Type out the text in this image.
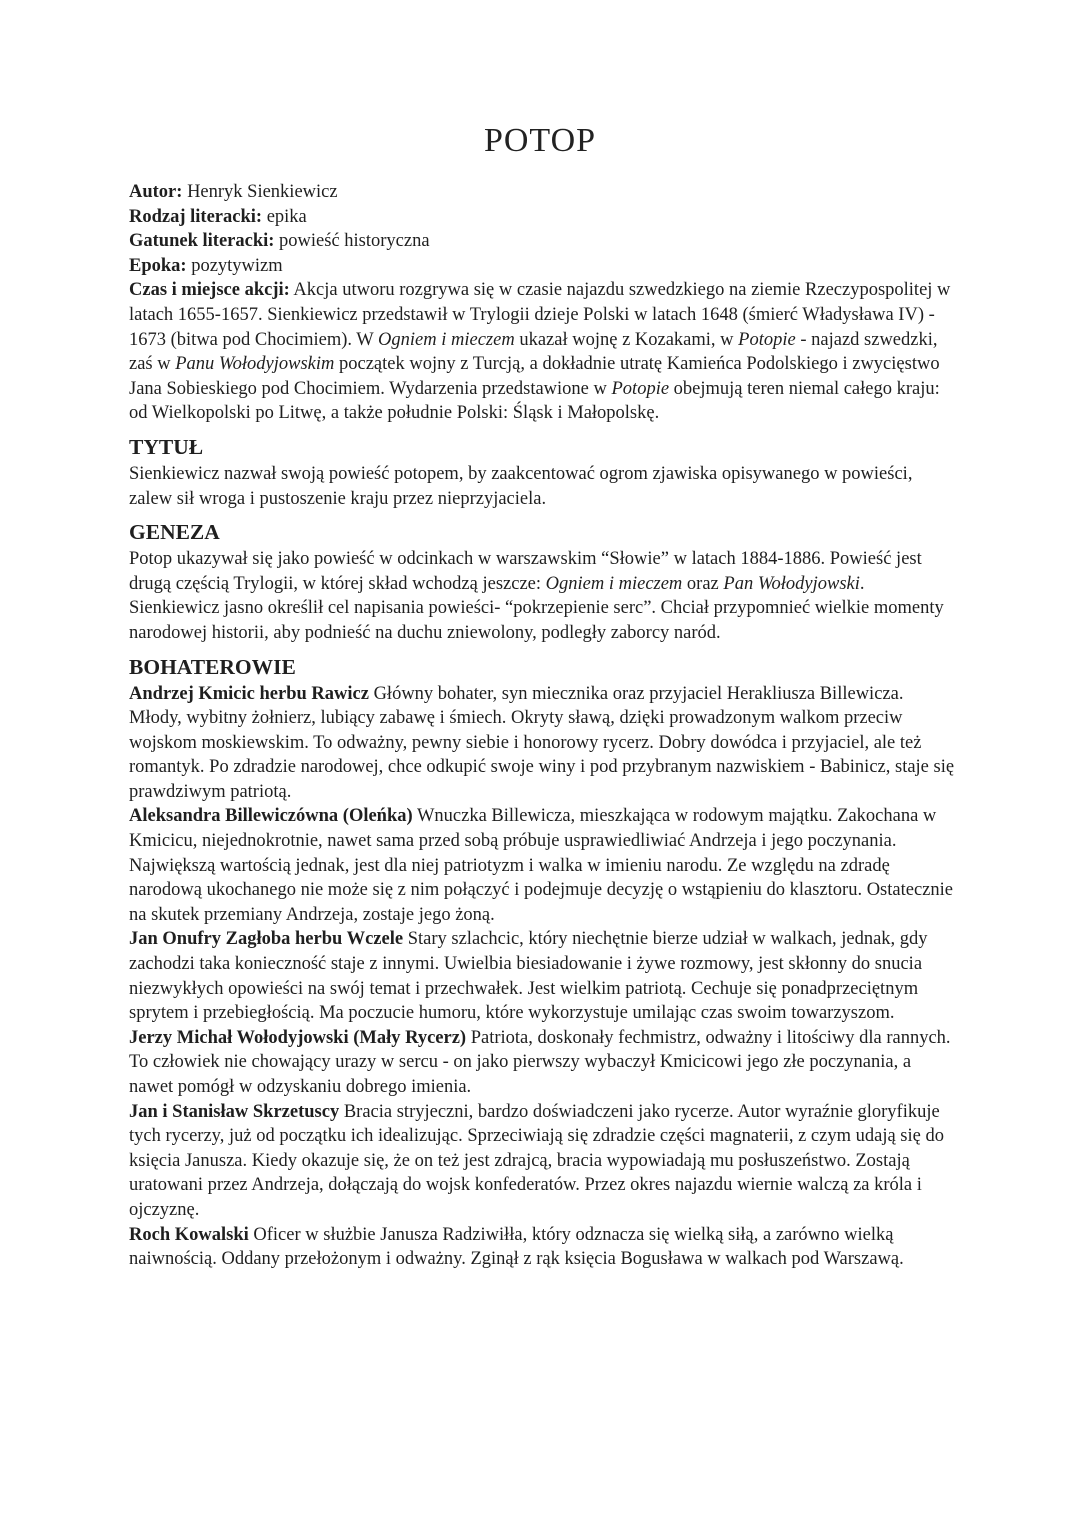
POTOP
Autor: Henryk Sienkiewicz
Rodzaj literacki: epika
Gatunek literacki: powieść historyczna
Epoka: pozytywizm

Czas i miejsce akcji: Akcja utworu rozgrywa się w czasie najazdu szwedzkiego na ziemie Rzeczypospolitej w latach 1655-1657. Sienkiewicz przedstawił w Trylogii dzieje Polski w latach 1648 (śmierć Władysława IV) - 1673 (bitwa pod Chocimiem). W Ogniem i mieczem ukazał wojnę z Kozakami, w Potopie - najazd szwedzki, zaś w Panu Wołodyjowskim początek wojny z Turcją, a dokładnie utratę Kamieńca Podolskiego i zwycięstwo Jana Sobieskiego pod Chocimiem. Wydarzenia przedstawione w Potopie obejmują teren niemal całego kraju: od Wielkopolski po Litwę, a także południe Polski: Śląsk i Małopolskę.

TYTUŁ

Sienkiewicz nazwał swoją powieść potopem, by zaakcentować ogrom zjawiska opisywanego w powieści, zalew sił wroga i pustoszenie kraju przez nieprzyjaciela.

GENEZA

Potop ukazywał się jako powieść w odcinkach w warszawskim “Słowie” w latach 1884-1886. Powieść jest drugą częścią Trylogii, w której skład wchodzą jeszcze: Ogniem i mieczem oraz Pan Wołodyjowski. Sienkiewicz jasno określił cel napisania powieści- “pokrzepienie serc”. Chciał przypomnieć wielkie momenty narodowej historii, aby podnieść na duchu zniewolony, podległy zaborcy naród.

BOHATEROWIE

Andrzej Kmicic herbu Rawicz Główny bohater, syn miecznika oraz przyjaciel Herakliusza Billewicza. Młody, wybitny żołnierz, lubiący zabawę i śmiech. Okryty sławą, dzięki prowadzonym walkom przeciw wojskom moskiewskim. To odważny, pewny siebie i honorowy rycerz. Dobry dowódca i przyjaciel, ale też romantyk. Po zdradzie narodowej, chce odkupić swoje winy i pod przybranym nazwiskiem - Babinicz, staje się prawdziwym patriotą.

Aleksandra Billewiczówna (Oleńka) Wnuczka Billewicza, mieszkająca w rodowym majątku. Zakochana w Kmicicu, niejednokrotnie, nawet sama przed sobą próbuje usprawiedliwiać Andrzeja i jego poczynania. Największą wartością jednak, jest dla niej patriotyzm i walka w imieniu narodu. Ze względu na zdradę narodową ukochanego nie może się z nim połączyć i podejmuje decyzję o wstąpieniu do klasztoru. Ostatecznie na skutek przemiany Andrzeja, zostaje jego żoną.

Jan Onufry Zagłoba herbu Wczele Stary szlachcic, który niechętnie bierze udział w walkach, jednak, gdy zachodzi taka konieczność staje z innymi. Uwielbia biesiadowanie i żywe rozmowy, jest skłonny do snucia niezwykłych opowieści na swój temat i przechwałek. Jest wielkim patriotą. Cechuje się ponadprzeciętnym sprytem i przebiegłością. Ma poczucie humoru, które wykorzystuje umilając czas swoim towarzyszom.

Jerzy Michał Wołodyjowski (Mały Rycerz) Patriota, doskonały fechmistrz, odważny i litościwy dla rannych. To człowiek nie chowający urazy w sercu - on jako pierwszy wybaczył Kmicicowi jego złe poczynania, a nawet pomógł w odzyskaniu dobrego imienia.

Jan i Stanisław Skrzetuscy Bracia stryjeczni, bardzo doświadczeni jako rycerze. Autor wyraźnie gloryfikuje tych rycerzy, już od początku ich idealizując. Sprzeciwiają się zdradzie części magnaterii, z czym udają się do księcia Janusza. Kiedy okazuje się, że on też jest zdrajcą, bracia wypowiadają mu posłuszeństwo. Zostają uratowani przez Andrzeja, dołączają do wojsk konfederatów. Przez okres najazdu wiernie walczą za króla i ojczyznę.

Roch Kowalski Oficer w służbie Janusza Radziwiłła, który odznacza się wielką siłą, a zarówno wielką naiwnością. Oddany przełożonym i odważny. Zginął z rąk księcia Bogusława w walkach pod Warszawą.
